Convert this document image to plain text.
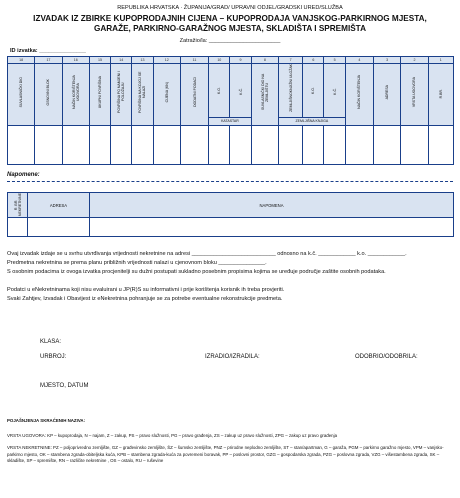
REPUBLIKA HRVATSKA · ŽUPANIJA/GRAD/ UPRAVNI ODJEL/GRADSKI URED/SLUŽBA
IZVADAK IZ ZBIRKE KUPOPRODAJNIH CIJENA – KUPOPRODAJA VANJSKOG-PARKIRNOG MJESTA, GARAŽE, PARKIRNO-GARAŽNOG MJESTA, SKLADIŠTA I SPREMIŠTA
Zatražio/la: _______________________
ID izvatka: _______________
18	17	16	15	14	13	12	11	10	9	8	7	6	5	4	3	2	1
SUVLASNIČKI DIO	OSNOVNI BLOK	NAČIN KORIŠTENJA UGOVORA	UKUPNI POVRŠINA	POVRŠINA PO NAMJENI I POLOŽAJU	POVRŠINA NA KOJOJ SE NALAZI	CIJENA (KN)	DODATNI PODACI	K.O.	K.Č.	SUVLASNIČKI DIO NA ZEMLJIŠTU	ZEMLJIŠNOKNJIŽNI ULOŽAK	K.O.	K.Č.	NAČIN KORIŠTENJA	ADRESA	VRSTA UGOVORA	R.BR.
								KATASTAR			ZEMLJIŠNA KNJIGA						

Napomene:
R. BR. NEKRETNINE	ADRESA	NAPOMENA

Ovaj izvadak izdaje se u svrhu utvrđivanja vrijednosti nekretnine na adresi ___________________________ odnosno na k.č. ____________ k.o. ____________.
Predmetna nekretnina se prema planu približnih vrijednosti nalazi u cjenovnom bloku _______________.
S osobnim podacima iz ovoga izvatka procjenitelji su dužni postupati sukladno posebnim propisima kojima se uređuje područje zaštite osobnih podataka.
Podatci u eNekretninama koji nisu evaluirani u JP(R)S su informativni i prije korištenja korisnik ih treba provjeriti.
Svaki Zahtjev, Izvadak i Obavijest iz eNekretnina pohranjuje se za potrebe eventualne rekonstrukcije predmeta.
KLASA:
URBROJ:	IZRADIO/IZRADILA:	ODOBRIO/ODOBRILA:
MJESTO, DATUM
POJAŠNJENJA SKRAĆENIH NAZIVA:
VRSTA UGOVORA: KP – kupoprodaja, N – najam, Z – zakup, PS – pravo služnosti, PG – pravo građenja, ZS – zakup uz pravo služnosti, ZPG – zakup uz pravo građenja
VRSTA NEKRETNINE: PZ – poljoprivredno zemljište, GZ – građevinsko zemljište, ŠZ – šumsko zemljište, PNZ – prirodne neplodno zemljište, ST – stan/apartman, G – garaža, PGM – parkirno garažno mjesto, VPM – vanjsko-parkirno mjesto, OK – stambena zgrada-obiteljska kuća, KPB – stambena zgrada-kuća za povremeni boravak, PP – poslovni prostor, GZG – gospodarska zgrada, PZG – poslovna zgrada, VZG – višestambena zgrada, SK – skladište, SP – spremište, RN – različite nekretnine , OS – ostalo, RU – ruševine
